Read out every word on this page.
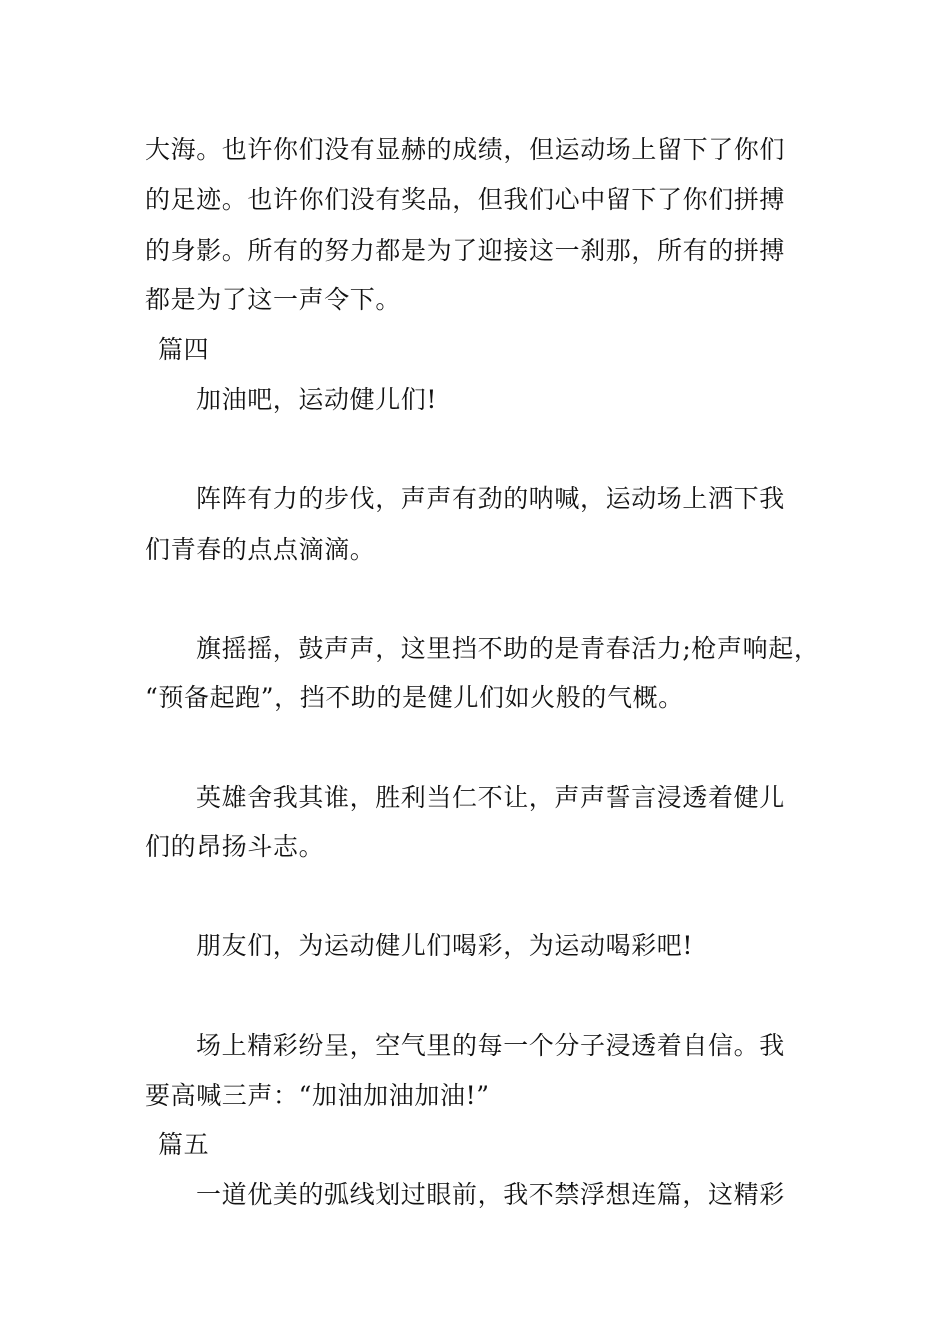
大海。也许你们没有显赫的成绩，但运动场上留下了你们
的足迹。也许你们没有奖品，但我们心中留下了你们拼搏
的身影。所有的努力都是为了迎接这一刹那，所有的拼搏
都是为了这一声令下。
篇四
加油吧，运动健儿们!
阵阵有力的步伐，声声有劲的呐喊，运动场上洒下我
们青春的点点滴滴。
旗摇摇，鼓声声，这里挡不助的是青春活力;枪声响起，
“预备起跑”，挡不助的是健儿们如火般的气概。
英雄舍我其谁，胜利当仁不让，声声誓言浸透着健儿
们的昂扬斗志。
朋友们，为运动健儿们喝彩，为运动喝彩吧!
场上精彩纷呈，空气里的每一个分子浸透着自信。我
要高喊三声：“加油加油加油!”
篇五
一道优美的弧线划过眼前，我不禁浮想连篇，这精彩
